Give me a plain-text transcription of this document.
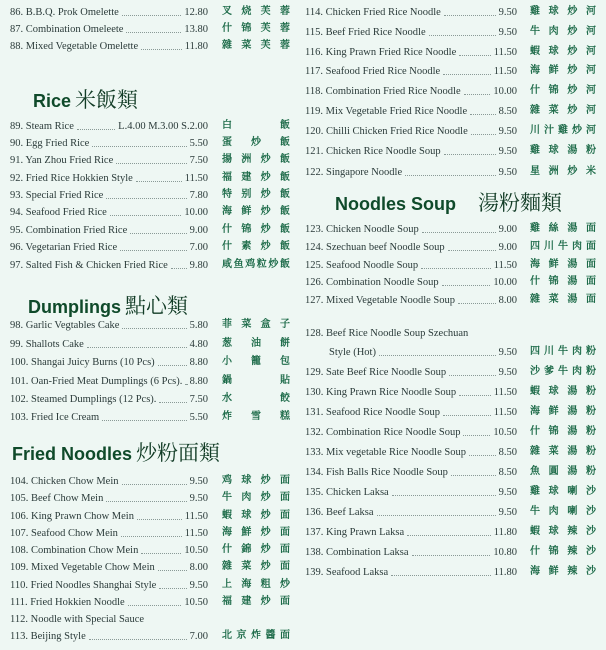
86. B.B.Q. Prok Omelette	12.80 叉烧芙蓉
87. Combination Omeleete	13.80 什锦芙蓉
88. Mixed Vegetable Omelette	11.80 雜菜芙蓉
Rice 米飯類
89. Steam Rice	L.4.00 M.3.00 S.2.00 白飯
90. Egg Fried Rice	5.50 蛋炒飯
91. Yan Zhou Fried Rice	7.50 揚洲炒飯
92. Fried Rice Hokkien Style	11.50 福建炒飯
93. Special Fried Rice	7.80 特别炒飯
94. Seafood Fried Rice	10.00 海鲜炒飯
95. Combination Fried Rice	9.00 什锦炒飯
96. Vegetarian Fried Rice	7.00 什素炒飯
97. Salted Fish & Chicken Fried Rice 9.80 咸鱼鸡粒炒飯
Dumplings 點心類
98. Garlic Vegtables Cake	5.80 菲菜盒子
99. Shallots Cake	4.80 葱油餅
100. Shangai Juicy Burns (10 Pcs)	8.80 小籠包
101. Oan-Fried Meat Dumplings (6 Pcs). 8.80 鍋貼
102. Steamed Dumplings (12 Pcs).	7.50 水餃
103. Fried Ice Cream	5.50 炸雪糕
Fried Noodles 炒粉面類
104. Chicken Chow Mein	9.50 鸡球炒面
105. Beef Chow Mein	9.50 牛肉炒面
106. King Prawn Chow Mein	11.50 蝦球炒面
107. Seafood Chow Mein	11.50 海鮮炒面
108. Combination Chow Mein	10.50 什錦炒面
109. Mixed Vegetable Chow Mein	8.00 雜菜炒面
110. Fried Noodles Shanghai Style	9.50 上海粗炒
111. Fried Hokkien Noodle	10.50 福建炒面
112. Noodle with Special Sauce
113. Beijing Style	7.00 北京炸醬面
114. Chicken Fried Rice Noodle	9.50 雞球炒河
115. Beef Fried Rice Noodle	9.50 牛肉炒河
116. King Prawn Fried Rice Noodle	11.50 蝦球炒河
117. Seafood Fried Rice Noodle	11.50 海鲜炒河
118. Combination Fried Rice Noodle	10.00 什锦炒河
119. Mix Vegetable Fried Rice Noodle	8.50 雜菜炒河
120. Chilli Chicken Fried Rice Noodle	9.50 川汁雞炒河
121. Chicken Rice Noodle Soup	9.50 雞球湯粉
122. Singapore Noodle	9.50 星洲炒米
Noodles Soup 湯粉麵類
123. Chicken Noodle Soup	9.00 雞絲湯面
124. Szechuan beef Noodle Soup	9.00 四川牛肉面
125. Seafood Noodle Soup	11.50 海鲜湯面
126. Combination Noodle Soup	10.00 什锦湯面
127. Mixed Vegetable Noodle Soup	8.00 雜菜湯面
128. Beef Rice Noodle Soup Szechuan
Style (Hot)	9.50 四川牛肉粉
129. Sate Beef Rice Noodle Soup	9.50 沙爹牛肉粉
130. King Prawn Rice Noodle Soup	11.50 蝦球湯粉
131. Seafood Rice Noodle Soup	11.50 海鲜湯粉
132. Combination Rice Noodle Soup	10.50 什锦湯粉
133. Mix vegetable Rice Noodle Soup	8.50 雜菜湯粉
134. Fish Balls Rice Noodle Soup	8.50 魚圓湯粉
135. Chicken Laksa	9.50 雞球喇沙
136. Beef Laksa	9.50 牛肉喇沙
137. King Prawn Laksa	11.80 蝦球辣沙
138. Combination Laksa	10.80 什锦辣沙
139. Seafood Laksa	11.80 海鲜辣沙
